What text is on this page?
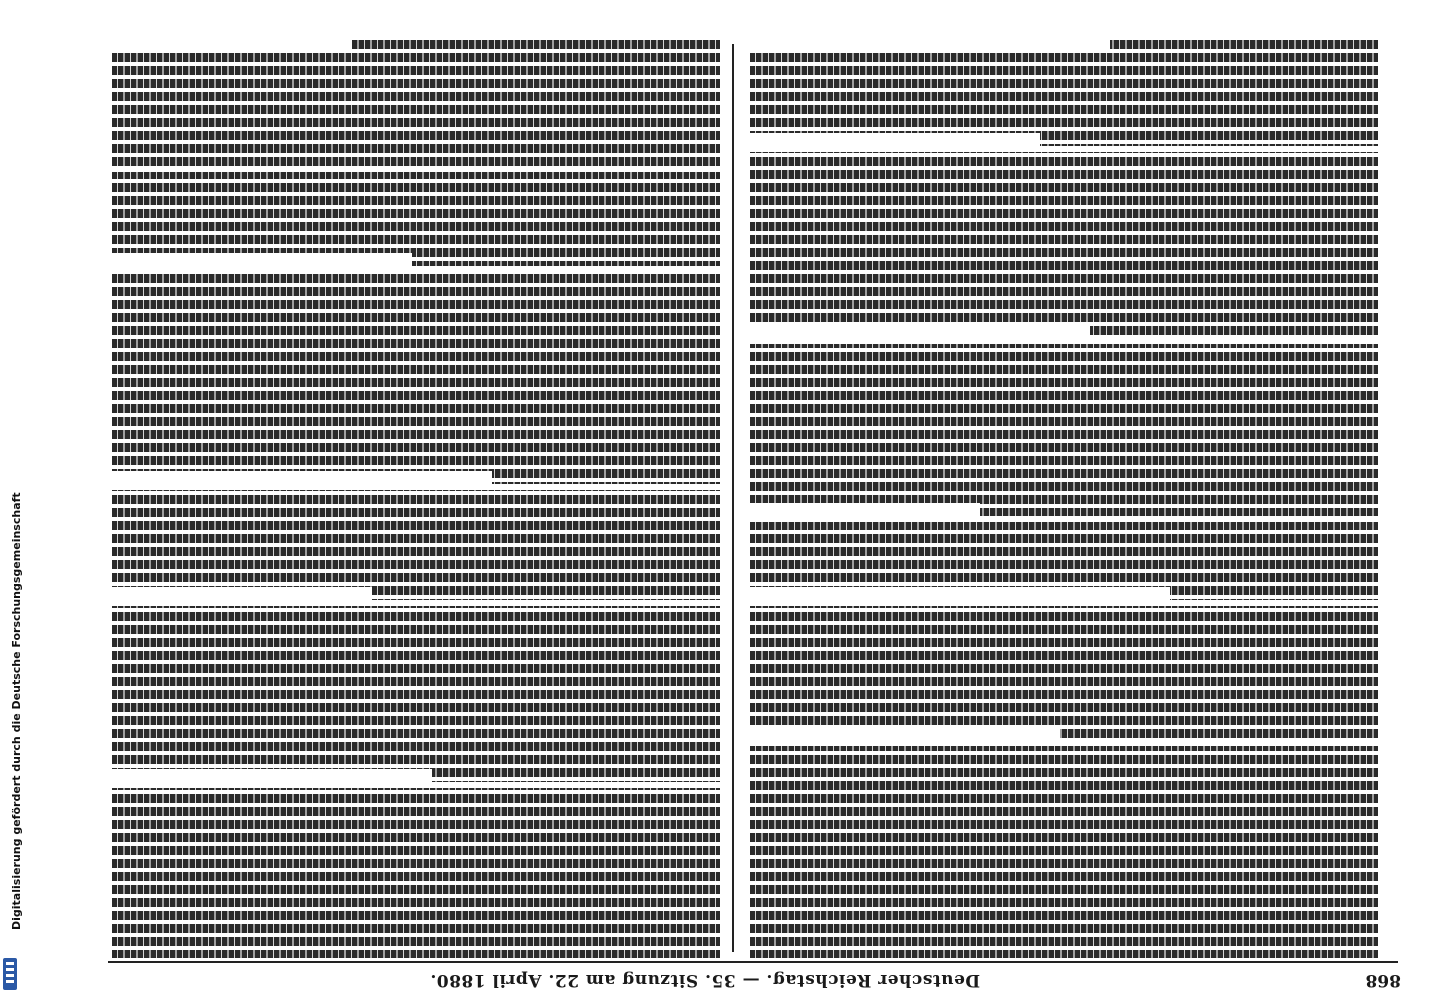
Digitalisierung gefördert durch die Deutsche Forschungsgemeinschaft
868
Deutscher Reichstag. — 35. Sitzung am 22. April 1880.
